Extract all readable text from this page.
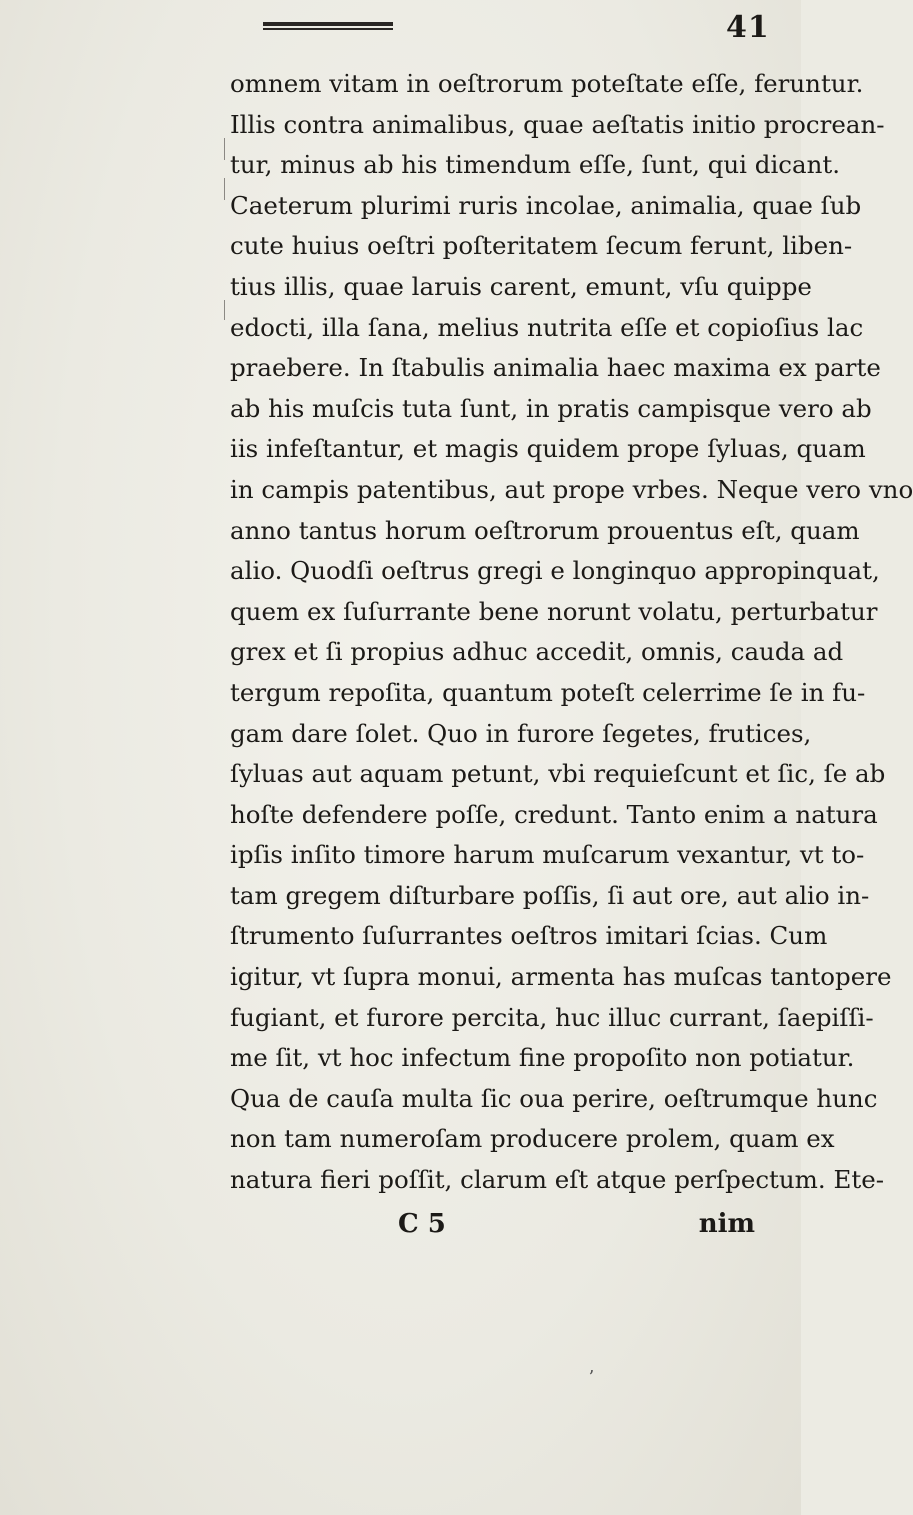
41
omnem vitam in oeſtrorum poteſtate eſſe, feruntur.
Illis contra animalibus, quae aeſtatis initio procrean-
tur, minus ab his timendum eſſe, ſunt, qui dicant.
Caeterum plurimi ruris incolae, animalia, quae ſub
cute huius oeſtri poſteritatem ſecum ferunt, liben-
tius illis, quae laruis carent, emunt, vſu quippe
edocti, illa ſana, melius nutrita eſſe et copioſius lac
praebere. In ſtabulis animalia haec maxima ex parte
ab his muſcis tuta ſunt, in pratis campisque vero ab
iis infeſtantur, et magis quidem prope ſyluas, quam
in campis patentibus, aut prope vrbes. Neque vero vno
anno tantus horum oeſtrorum prouentus eſt, quam
alio. Quodſi oeſtrus gregi e longinquo appropinquat,
quem ex ſuſurrante bene norunt volatu, perturbatur
grex et ſi propius adhuc accedit, omnis, cauda ad
tergum repoſita, quantum poteſt celerrime ſe in fu-
gam dare ſolet. Quo in furore ſegetes, frutices,
ſyluas aut aquam petunt, vbi requieſcunt et ſic, ſe ab
hoſte defendere poſſe, credunt. Tanto enim a natura
ipſis inſito timore harum muſcarum vexantur, vt to-
tam gregem diſturbare poſſis, ſi aut ore, aut alio in-
ſtrumento ſuſurrantes oeſtros imitari ſcias. Cum
igitur, vt ſupra monui, armenta has muſcas tantopere
fugiant, et furore percita, huc illuc currant, ſaepiſſi-
me ſit, vt hoc infectum fine propoſito non potiatur.
Qua de cauſa multa ſic oua perire, oeſtrumque hunc
non tam numeroſam producere prolem, quam ex
natura fieri poſſit, clarum eſt atque perſpectum. Ete-
C 5	nim
ʼ
